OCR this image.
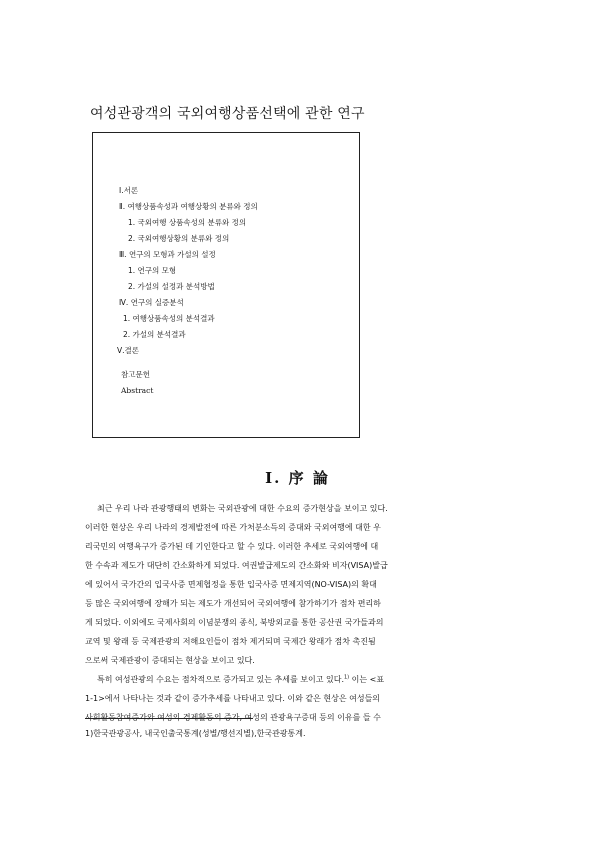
여성관광객의 국외여행상품선택에 관한 연구
Ⅰ.서론
Ⅱ. 여행상품속성과 여행상황의 분류와 정의
1. 국외여행 상품속성의 분류와 정의
2. 국외여행상황의 분류와 정의
Ⅲ. 연구의 모형과 가설의 설정
1. 연구의 모형
2. 가설의 설정과 분석방법
Ⅳ. 연구의 실증분석
1. 여행상품속성의 분석결과
2. 가설의 분석결과
Ⅴ.결론
참고문헌
Abstract
Ⅰ. 序 論
최근 우리 나라 관광행태의 변화는 국외관광에 대한 수요의 증가현상을 보이고 있다.
이러한 현상은 우리 나라의 경제발전에 따른 가처분소득의 증대와 국외여행에 대한 우
리국민의 여행욕구가 증가된 데 기인한다고 할 수 있다. 이러한 추세로 국외여행에 대
한 수속과 제도가 대단히 간소화하게 되었다. 여권발급제도의 간소화와 비자(VISA)발급
에 있어서 국가간의 입국사증 면제협정을 통한 입국사증 면제지역(NO-VISA)의 확대
등 많은 국외여행에 장해가 되는 제도가 개선되어 국외여행에 참가하기가 점차 편리하
게 되었다. 이외에도 국제사회의 이념분쟁의 종식, 북방외교를 통한 공산권 국가들과의
교역 및 왕래 등 국제관광의 저해요인들이 점차 제거되며 국제간 왕래가 점차 촉진됨
으로써 국제관광이 증대되는 현상을 보이고 있다.
특히 여성관광의 수요는 점차적으로 증가되고 있는 추세를 보이고 있다.$^{1)}$ 이는 <표
1-1>에서 나타나는 것과 같이 증가추세를 나타내고 있다. 이와 같은 현상은 여성들의
사회활동참여증가와 여성의 경제활동의 증가, 여성의 관광욕구증대 등의 이유를 들 수
1)한국관광공사, 내국인출국통계(성별/행선지별),한국관광통계.
